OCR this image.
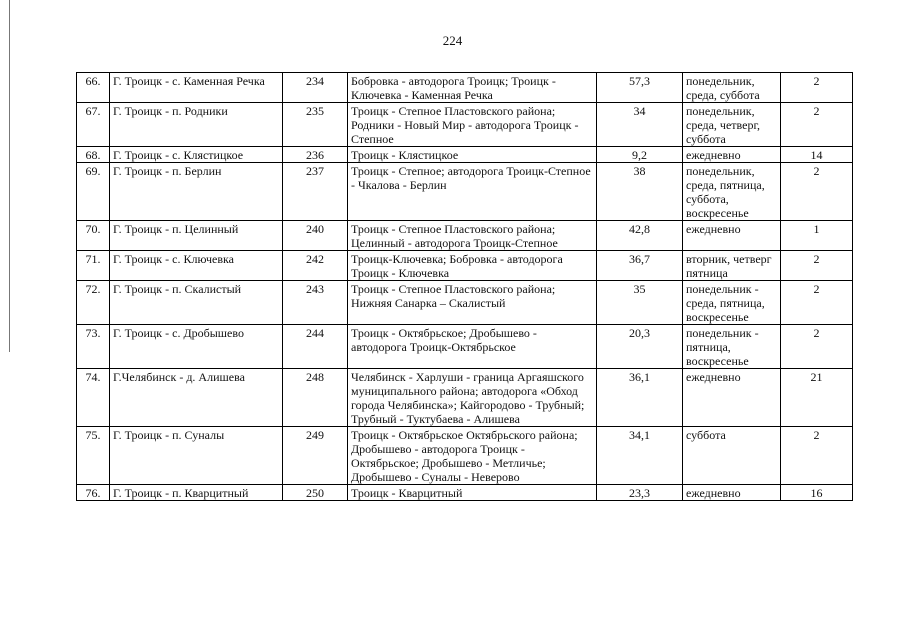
224
66.	Г. Троицк - с. Каменная Речка	234	Бобровка - автодорога Троицк; Троицк - Ключевка - Каменная Речка	57,3	понедельник, среда, суббота	2
67.	Г. Троицк - п. Родники	235	Троицк - Степное Пластовского района; Родники - Новый Мир - автодорога Троицк - Степное	34	понедельник, среда, четверг, суббота	2
68.	Г. Троицк - с. Клястицкое	236	Троицк - Клястицкое	9,2	ежедневно	14
69.	Г. Троицк - п. Берлин	237	Троицк - Степное; автодорога Троицк-Степное - Чкалова - Берлин	38	понедельник, среда, пятница, суббота, воскресенье	2
70.	Г. Троицк - п. Целинный	240	Троицк - Степное Пластовского района; Целинный - автодорога Троицк-Степное	42,8	ежедневно	1
71.	Г. Троицк - с. Ключевка	242	Троицк-Ключевка; Бобровка - автодорога Троицк - Ключевка	36,7	вторник, четверг пятница	2
72.	Г. Троицк - п. Скалистый	243	Троицк - Степное Пластовского района; Нижняя Санарка – Скалистый	35	понедельник - среда, пятница, воскресенье	2
73.	Г. Троицк - с. Дробышево	244	Троицк - Октябрьское; Дробышево - автодорога Троицк-Октябрьское	20,3	понедельник - пятница, воскресенье	2
74.	Г.Челябинск - д. Алишева	248	Челябинск - Харлуши - граница Аргаяшского муниципального района; автодорога «Обход города Челябинска»; Кайгородово - Трубный; Трубный - Туктубаева - Алишева	36,1	ежедневно	21
75.	Г. Троицк - п. Суналы	249	Троицк - Октябрьское Октябрьского района; Дробышево - автодорога Троицк - Октябрьское; Дробышево - Метличье; Дробышево - Суналы - Неверово	34,1	суббота	2
76.	Г. Троицк - п. Кварцитный	250	Троицк - Кварцитный	23,3	ежедневно	16
